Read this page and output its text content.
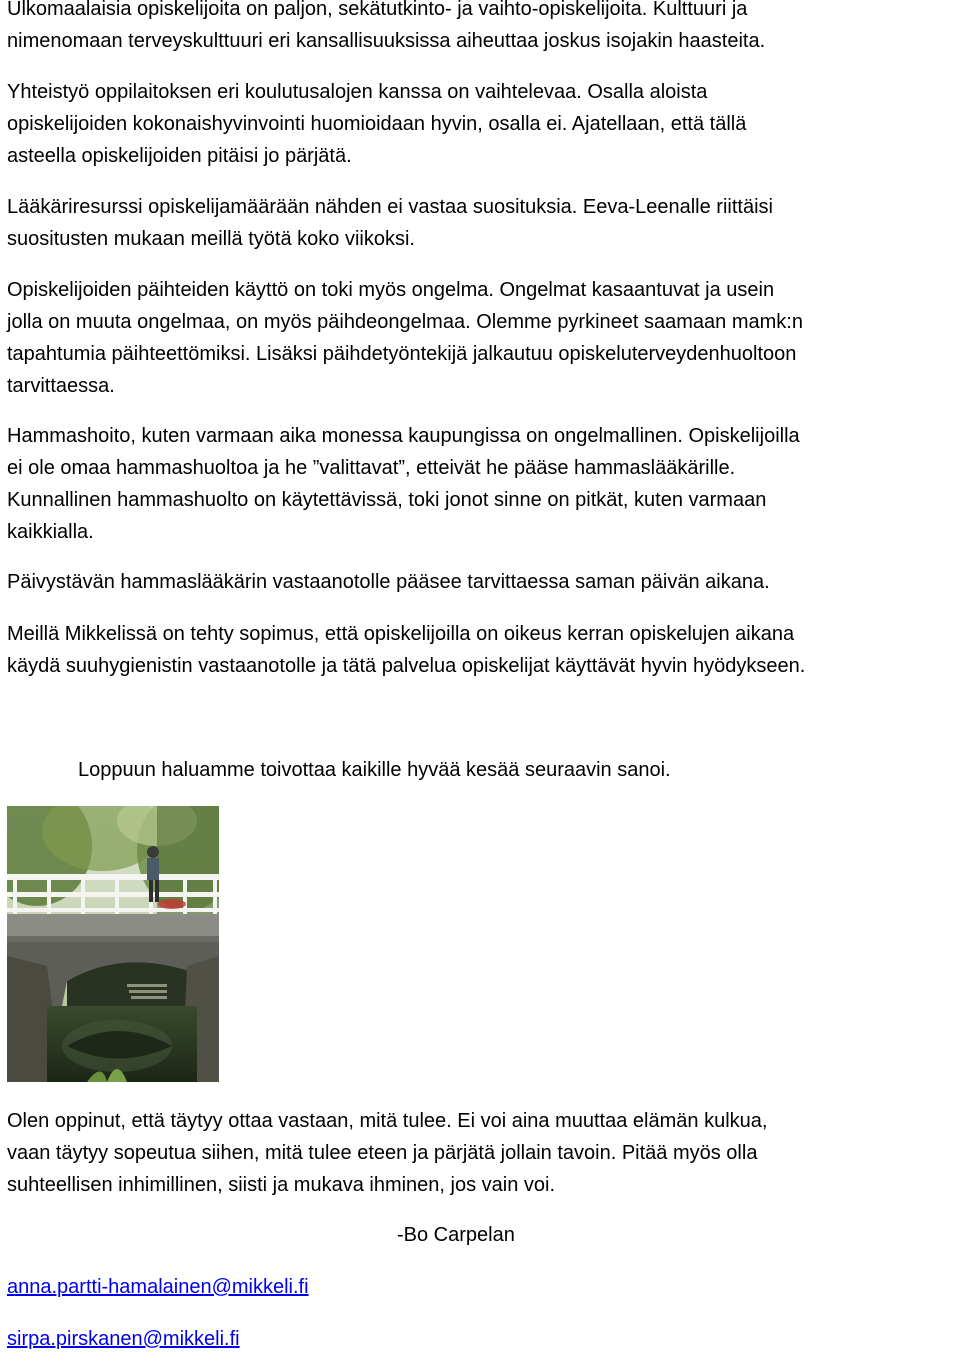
Ulkomaalaisia opiskelijoita on paljon, sekätutkinto- ja vaihto-opiskelijoita. Kulttuuri ja
nimenomaan terveyskulttuuri eri kansallisuuksissa aiheuttaa joskus isojakin haasteita.

Yhteistyö oppilaitoksen eri koulutusalojen kanssa on vaihtelevaa. Osalla aloista
opiskelijoiden kokonaishyvinvointi huomioidaan hyvin, osalla ei. Ajatellaan, että tällä
asteella opiskelijoiden pitäisi jo pärjätä.

Lääkäriresurssi opiskelijamäärään nähden ei vastaa suosituksia. Eeva-Leenalle riittäisi
suositusten mukaan meillä työtä koko viikoksi.

Opiskelijoiden päihteiden käyttö on toki myös ongelma. Ongelmat kasaantuvat ja usein
jolla on muuta ongelmaa, on myös päihdeongelmaa. Olemme pyrkineet saamaan mamk:n
tapahtumia päihteettömiksi. Lisäksi päihdetyöntekijä jalkautuu opiskeluterveydenhuoltoon
tarvittaessa.

Hammashoito, kuten varmaan aika monessa kaupungissa on ongelmallinen. Opiskelijoilla
ei ole omaa hammashuoltoa ja he ”valittavat”, etteivät he pääse hammaslääkärille.
Kunnallinen hammashuolto on käytettävissä, toki jonot sinne on pitkät, kuten varmaan
kaikkialla.

Päivystävän hammaslääkärin vastaanotolle pääsee tarvittaessa saman päivän aikana.

Meillä Mikkelissä on tehty sopimus, että opiskelijoilla on oikeus kerran opiskelujen aikana
käydä suuhygienistin vastaanotolle ja tätä palvelua opiskelijat käyttävät hyvin hyödykseen.

Loppuun haluamme toivottaa kaikille hyvää kesää seuraavin sanoi.

Olen oppinut, että täytyy ottaa vastaan, mitä tulee. Ei voi aina muuttaa elämän kulkua,
vaan täytyy sopeutua siihen, mitä tulee eteen ja pärjätä jollain tavoin. Pitää myös olla
suhteellisen inhimillinen, siisti ja mukava ihminen, jos vain voi.

-Bo Carpelan

anna.partti-hamalainen@mikkeli.fi
sirpa.pirskanen@mikkeli.fi
